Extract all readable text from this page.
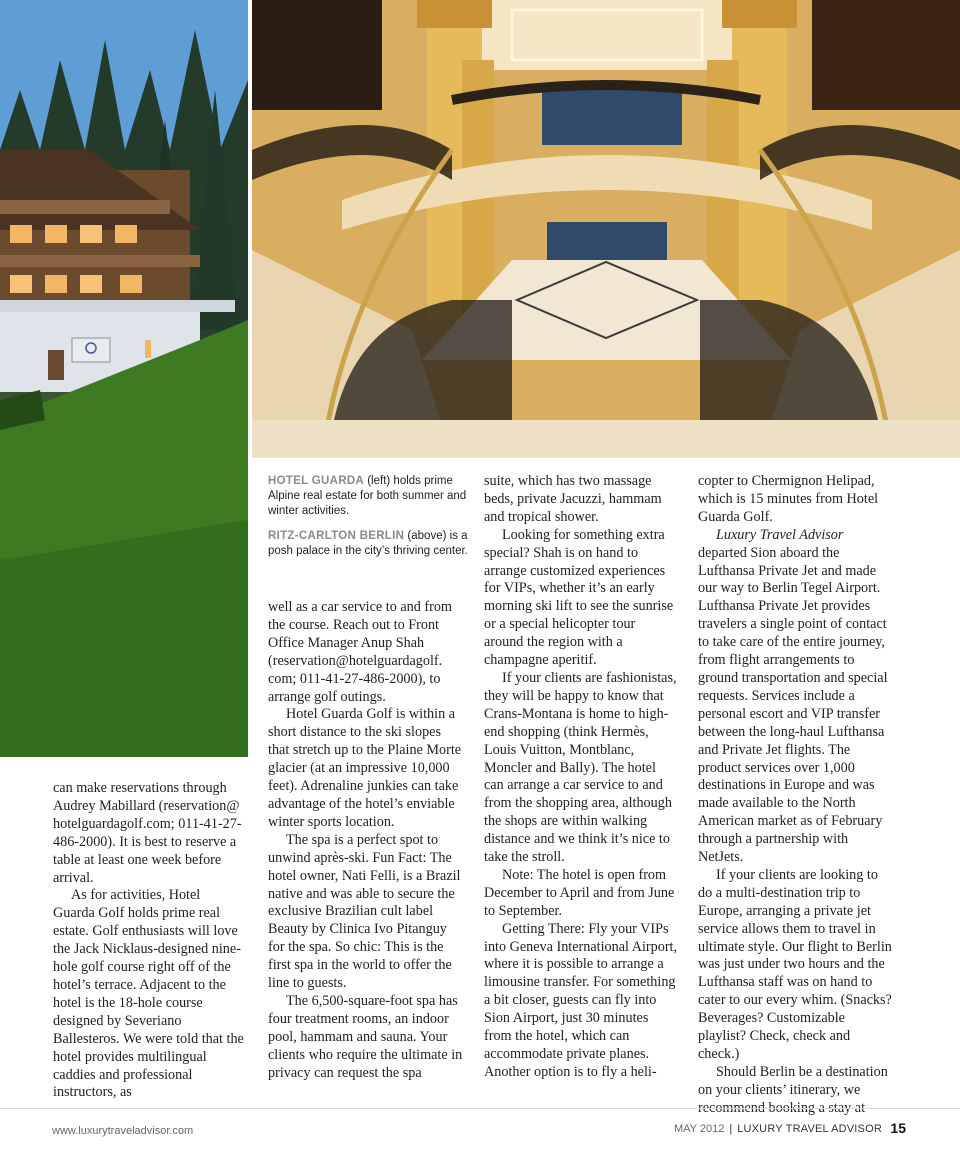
HOTEL GUARDA (left) holds prime Alpine real estate for both summer and winter activities.

RITZ-CARLTON BERLIN (above) is a posh palace in the city’s thriving center.

can make reservations through Audrey Mabillard (reservation@ hotelguardagolf.com; 011-41-27-486-2000). It is best to reserve a table at least one week before arrival.

As for activities, Hotel Guarda Golf holds prime real estate. Golf enthusiasts will love the Jack Nicklaus-designed nine-hole golf course right off of the hotel’s terrace. Adjacent to the hotel is the 18-hole course designed by Severiano Ballesteros. We were told that the hotel provides multilingual caddies and professional instructors, as

well as a car service to and from the course. Reach out to Front Office Manager Anup Shah (reservation@hotelguardagolf. com; 011-41-27-486-2000), to arrange golf outings.

Hotel Guarda Golf is within a short distance to the ski slopes that stretch up to the Plaine Morte glacier (at an impressive 10,000 feet). Adrenaline junkies can take advantage of the hotel’s enviable winter sports location.

The spa is a perfect spot to unwind après-ski. Fun Fact: The hotel owner, Nati Felli, is a Brazil native and was able to secure the exclusive Brazilian cult label Beauty by Clinica Ivo Pitanguy for the spa. So chic: This is the first spa in the world to offer the line to guests.

The 6,500-square-foot spa has four treatment rooms, an indoor pool, hammam and sauna. Your clients who require the ultimate in privacy can request the spa

suite, which has two massage beds, private Jacuzzi, hammam and tropical shower.

Looking for something extra special? Shah is on hand to arrange customized experiences for VIPs, whether it’s an early morning ski lift to see the sunrise or a special helicopter tour around the region with a champagne aperitif.

If your clients are fashionistas, they will be happy to know that Crans-Montana is home to high-end shopping (think Hermès, Louis Vuitton, Montblanc, Moncler and Bally). The hotel can arrange a car service to and from the shopping area, although the shops are within walking distance and we think it’s nice to take the stroll.

Note: The hotel is open from December to April and from June to September.

Getting There: Fly your VIPs into Geneva International Airport, where it is possible to arrange a limousine transfer. For something a bit closer, guests can fly into Sion Airport, just 30 minutes from the hotel, which can accommodate private planes. Another option is to fly a heli-

copter to Chermignon Helipad, which is 15 minutes from Hotel Guarda Golf.

Luxury Travel Advisor departed Sion aboard the Lufthansa Private Jet and made our way to Berlin Tegel Airport. Lufthansa Private Jet provides travelers a single point of contact to take care of the entire journey, from flight arrangements to ground transportation and special requests. Services include a personal escort and VIP transfer between the long-haul Lufthansa and Private Jet flights. The product services over 1,000 destinations in Europe and was made available to the North American market as of February through a partnership with NetJets.

If your clients are looking to do a multi-destination trip to Europe, arranging a private jet service allows them to travel in ultimate style. Our flight to Berlin was just under two hours and the Lufthansa staff was on hand to cater to our every whim. (Snacks? Beverages? Customizable playlist? Check, check and check.)

Should Berlin be a destination on your clients’ itinerary, we recommend booking a stay at

www.luxurytraveladvisor.com	MAY 2012 | LUXURY TRAVEL ADVISOR 15
